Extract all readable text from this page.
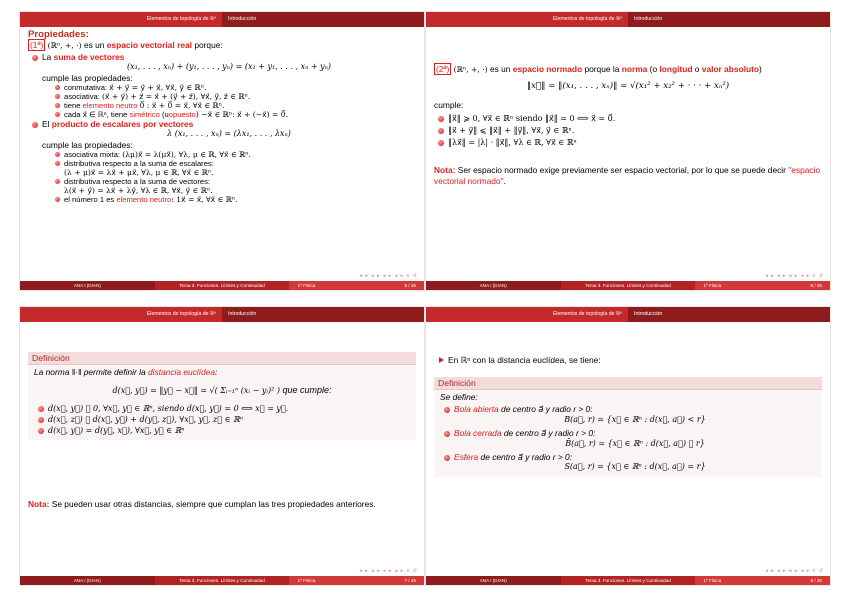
Elementos de topología de ℝⁿ	Introducción
Propiedades:
(1ª) (ℝⁿ, +, ·) es un espacio vectorial real porque:
La suma de vectores
(x₁, . . . , xₙ) + (y₁, . . . , yₙ) = (x₁ + y₁, . . . , xₙ + yₙ)
cumple las propiedades:
conmutativa: x⃗ + y⃗ = y⃗ + x⃗, ∀x⃗, y⃗ ∈ ℝⁿ.
asociativa: (x⃗ + y⃗) + z⃗ = x⃗ + (y⃗ + z⃗), ∀x⃗, y⃗, z⃗ ∈ ℝⁿ.
tiene elemento neutro 0⃗ : x⃗ + 0⃗ = x⃗, ∀x⃗ ∈ ℝⁿ.
cada x⃗ ∈ ℝⁿ, tiene simétrico (uopuesto) −x⃗ ∈ ℝⁿ: x⃗ + (−x⃗) = 0⃗.
El producto de escalares por vectores
λ (x₁, . . . , xₙ) = (λx₁, . . . , λxₙ)
cumple las propiedades:
asociativa mixta: (λμ)x⃗ = λ(μx⃗), ∀λ, μ ∈ ℝ, ∀x⃗ ∈ ℝⁿ.
distributiva respecto a la suma de escalares:
(λ + μ)x⃗ = λx⃗ + μx⃗, ∀λ, μ ∈ ℝ, ∀x⃗ ∈ ℝⁿ.
distributiva respecto a la suma de vectores:
λ(x⃗ + y⃗) = λx⃗ + λy⃗, ∀λ ∈ ℝ, ∀x⃗, y⃗ ∈ ℝⁿ.
el número 1 es elemento neutro: 1x⃗ = x⃗, ∀x⃗ ∈ ℝⁿ.
◂ ▸ ◂ ▸ ◂ ▸ ◂ ▸ ≡ ↺
ANA I (DIAN)	Tema 3. Funciones. Límites y Continuidad	1º Física	5 / 45
Elementos de topología de ℝⁿ	Introducción
(2ª) (ℝⁿ, +, ·) es un espacio normado porque la norma (o longitud o valor absoluto)
‖x⃗‖ = ‖(x₁, . . . , xₙ)‖ = √(x₁² + x₂² + · · · + xₙ²)
cumple:
‖x⃗‖ ⩾ 0, ∀x⃗ ∈ ℝⁿ siendo ‖x⃗‖ = 0 ⟺ x⃗ = 0⃗.
‖x⃗ + y⃗‖ ⩽ ‖x⃗‖ + ‖y⃗‖, ∀x⃗, y⃗ ∈ ℝⁿ.
‖λx⃗‖ = |λ| · ‖x⃗‖, ∀λ ∈ ℝ, ∀x⃗ ∈ ℝⁿ
Nota: Ser espacio normado exige previamente ser espacio vectorial, por lo que se puede decir "espacio vectorial normado".
◂ ▸ ◂ ▸ ◂ ▸ ◂ ▸ ≡ ↺
ANA I (DIAN)	Tema 3. Funciones. Límites y Continuidad	1º Física	6 / 45
Elementos de topología de ℝⁿ	Introducción
Definición
La norma ‖·‖ permite definir la distancia euclídea:
d(x⃗, y⃗) = ‖y⃗ − x⃗‖ = √( Σᵢ₌₁ⁿ (xᵢ − yᵢ)² ) que cumple:
d(x⃗, y⃗) ⩾ 0, ∀x⃗, y⃗ ∈ ℝⁿ, siendo d(x⃗, y⃗) = 0 ⟺ x⃗ = y⃗.
d(x⃗, z⃗) ⩽ d(x⃗, y⃗) + d(y⃗, z⃗), ∀x⃗, y⃗, z⃗ ∈ ℝⁿ
d(x⃗, y⃗) = d(y⃗, x⃗), ∀x⃗, y⃗ ∈ ℝⁿ
Nota: Se pueden usar otras distancias, siempre que cumplan las tres propiedades anteriores.
◂ ▸ ◂ ▸ ◂ ▸ ◂ ▸ ≡ ↺
ANA I (DIAN)	Tema 3. Funciones. Límites y Continuidad	1º Física	7 / 45
Elementos de topología de ℝⁿ	Introducción
En ℝⁿ con la distancia euclídea, se tiene:
Definición
Se define:
Bola abierta de centro a⃗ y radio r > 0:
B(a⃗, r) = {x⃗ ∈ ℝⁿ : d(x⃗, a⃗) < r}
Bola cerrada de centro a⃗ y radio r > 0:
B̄(a⃗, r) = {x⃗ ∈ ℝⁿ : d(x⃗, a⃗) ⩽ r}
Esfera de centro a⃗ y radio r > 0:
S(a⃗, r) = {x⃗ ∈ ℝⁿ : d(x⃗, a⃗) = r}
◂ ▸ ◂ ▸ ◂ ▸ ◂ ▸ ≡ ↺
ANA I (DIAN)	Tema 3. Funciones. Límites y Continuidad	1º Física	8 / 45
